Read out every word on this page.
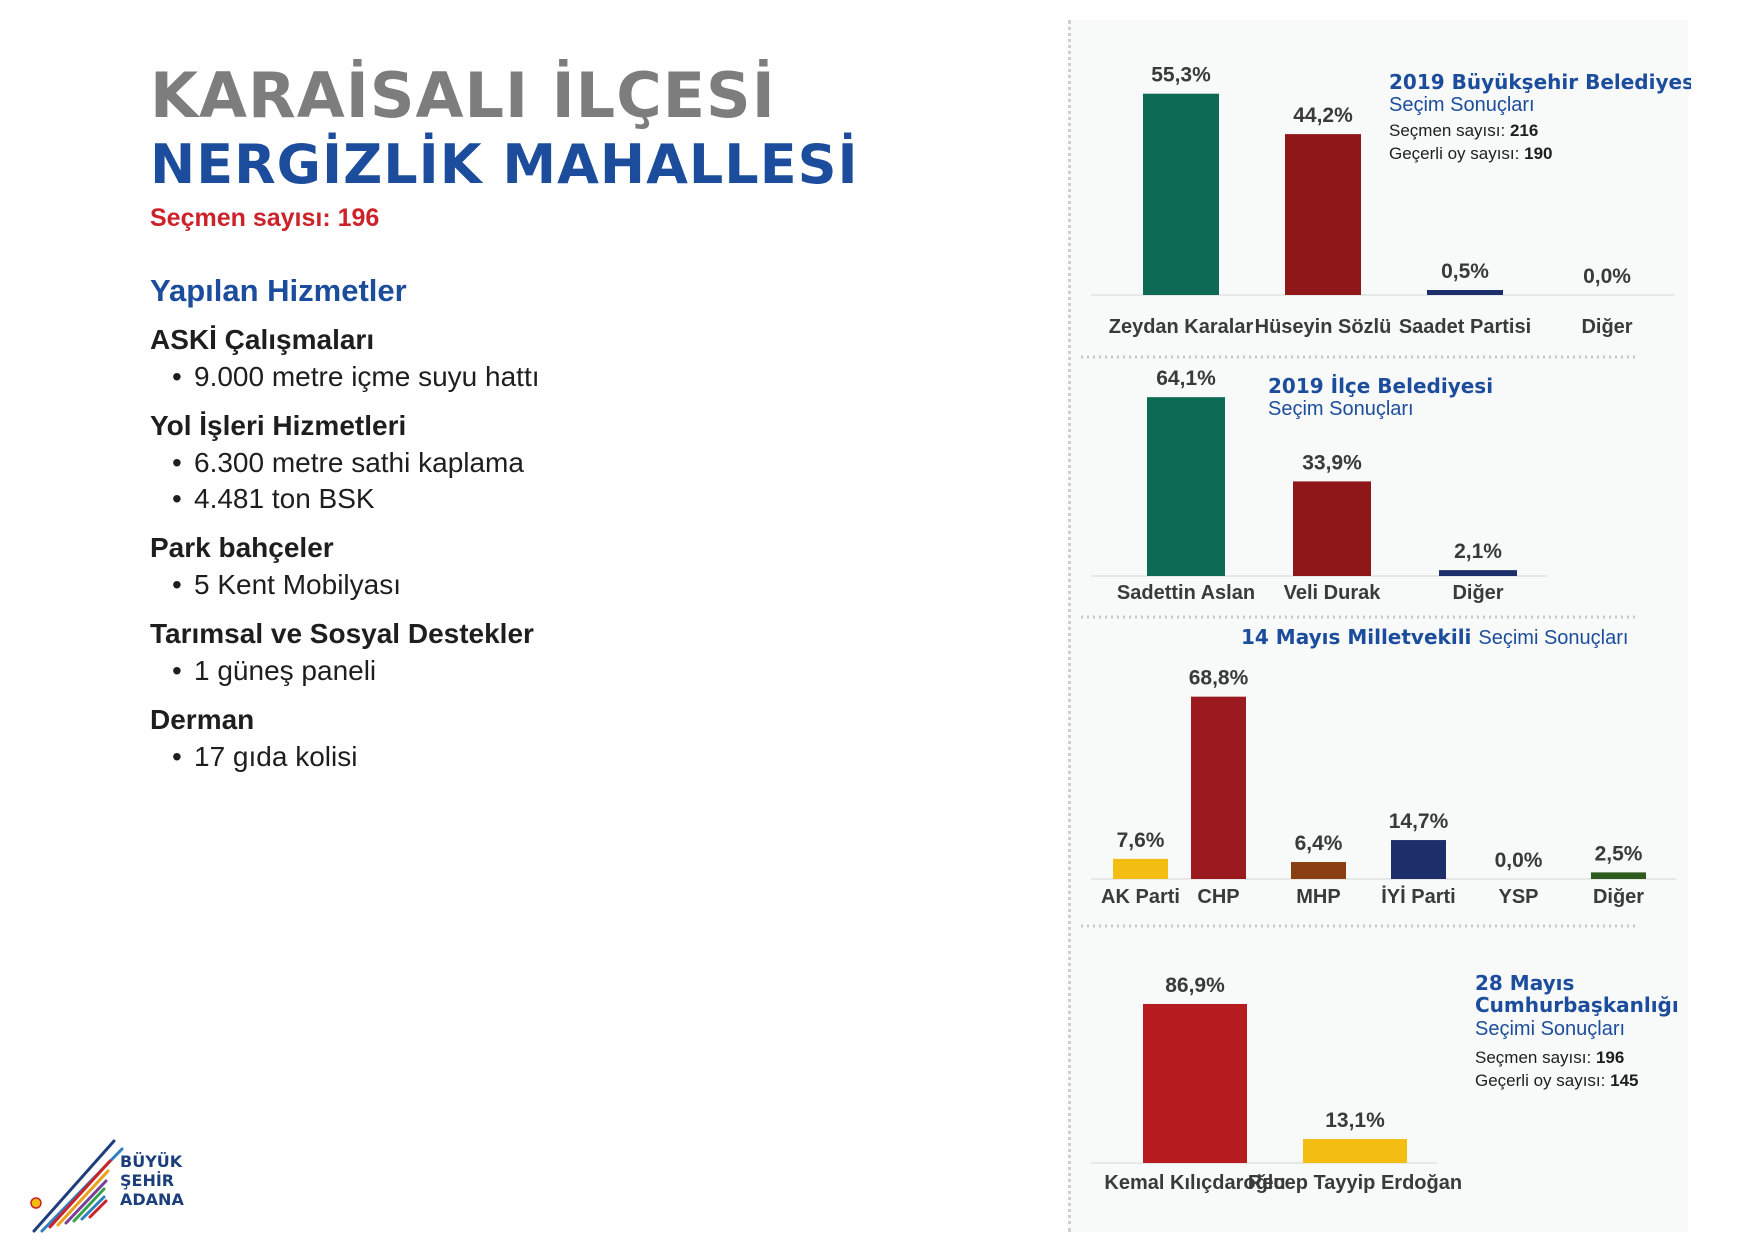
KARAİSALI İLÇESİ
NERGİZLİK MAHALLESİ
Seçmen sayısı: 196
Yapılan Hizmetler
ASKİ Çalışmaları
• 9.000 metre içme suyu hattı
Yol İşleri Hizmetleri
• 6.300 metre sathi kaplama
• 4.481 ton BSK
Park bahçeler
• 5 Kent Mobilyası
Tarımsal ve Sosyal Destekler
• 1 güneş paneli
Derman
• 17 gıda kolisi
BÜYÜK
ŞEHİR
ADANA
55,3%
Zeydan Karalar
44,2%
Hüseyin Sözlü
0,5%
Saadet Partisi
0,0%
Diğer
2019 Büyükşehir Belediyesi
Seçim Sonuçları
Seçmen sayısı: 216
Geçerli oy sayısı: 190
64,1%
Sadettin Aslan
33,9%
Veli Durak
2,1%
Diğer
2019 İlçe Belediyesi
Seçim Sonuçları
7,6%
AK Parti
68,8%
CHP
6,4%
MHP
14,7%
İYİ Parti
0,0%
YSP
2,5%
Diğer
14 Mayıs Milletvekili Seçimi Sonuçları
86,9%
Kemal Kılıçdaroğlu
13,1%
Recep Tayyip Erdoğan
28 Mayıs
Cumhurbaşkanlığı
Seçimi Sonuçları
Seçmen sayısı: 196
Geçerli oy sayısı: 145
